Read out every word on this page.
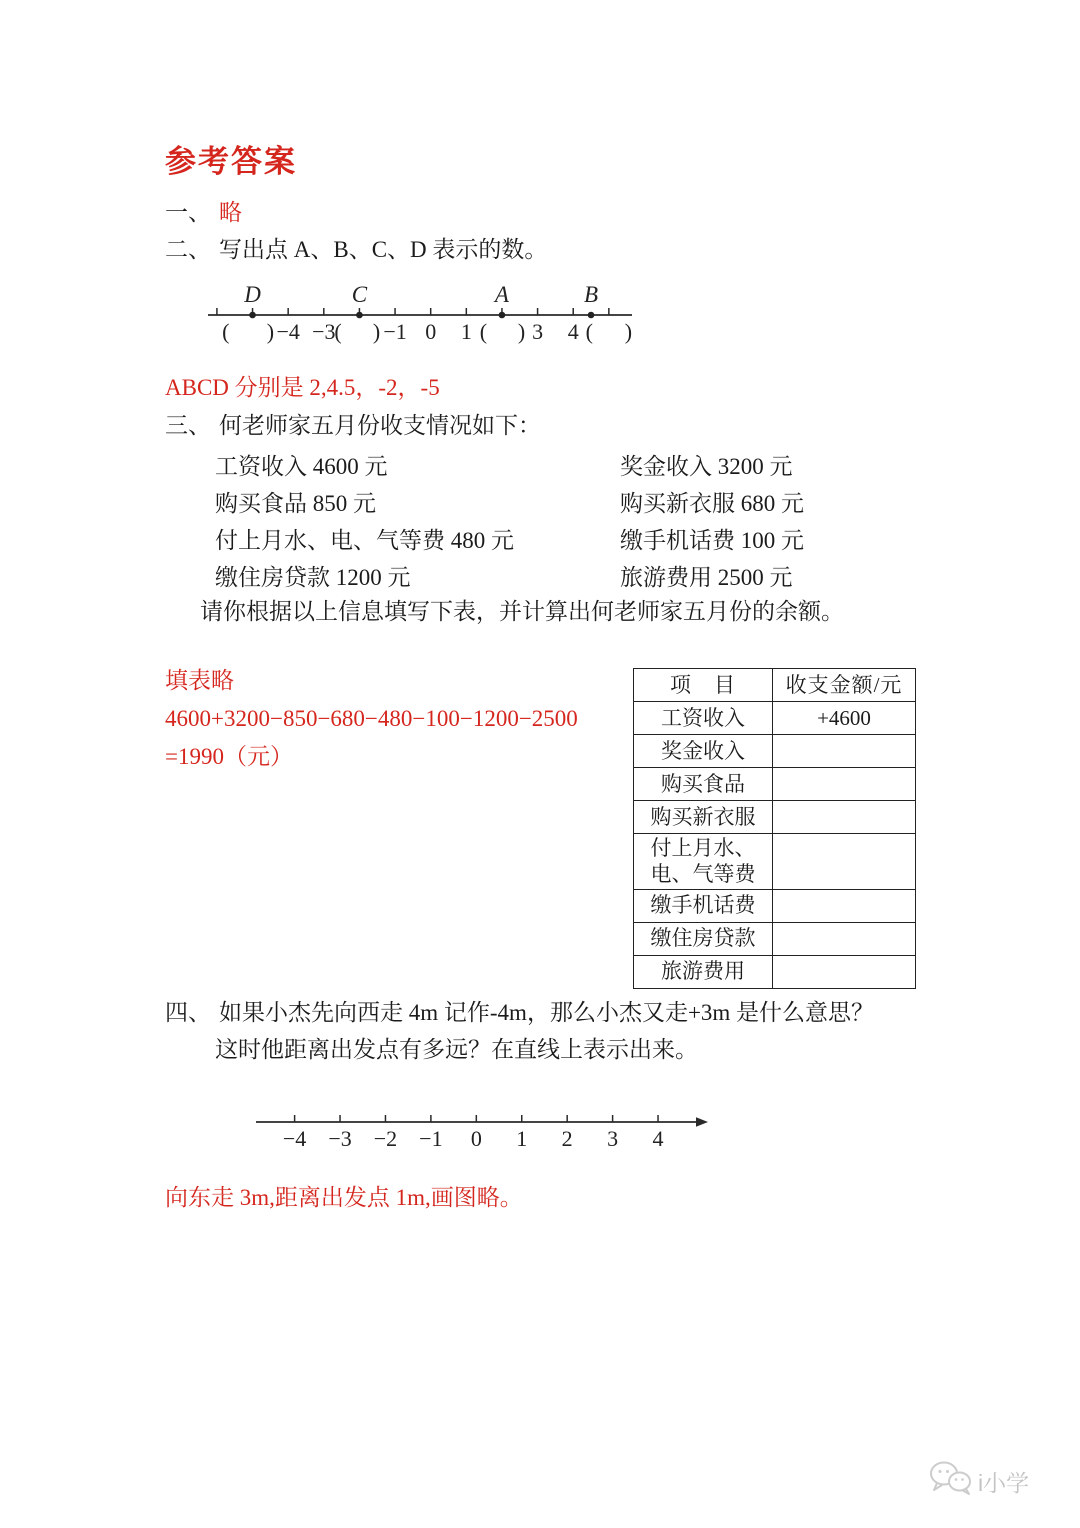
参考答案
一、 略
二、 写出点 A、B、C、D 表示的数。
( ) −4 −3
( ) −1 0 1 ( ) 3 4 ( )
D	C	A	B
ABCD 分别是 2,4.5，-2，-5
三、 何老师家五月份收支情况如下：
工资收入 4600 元	奖金收入 3200 元
购买食品 850 元	购买新衣服 680 元
付上月水、电、气等费 480 元	缴手机话费 100 元
缴住房贷款 1200 元	旅游费用 2500 元
请你根据以上信息填写下表，并计算出何老师家五月份的余额。
填表略
4600+3200−850−680−480−100−1200−2500
=1990（元）
项　目	收支金额/元
工资收入	+4600
奖金收入	
购买食品	
购买新衣服	
付上月水、电、气等费	
缴手机话费	
缴住房贷款	
旅游费用	
四、 如果小杰先向西走 4m 记作-4m，那么小杰又走+3m 是什么意思？
这时他距离出发点有多远？在直线上表示出来。
−4 −3 −2 −1 0 1 2 3 4
向东走 3m,距离出发点 1m,画图略。
i小学
